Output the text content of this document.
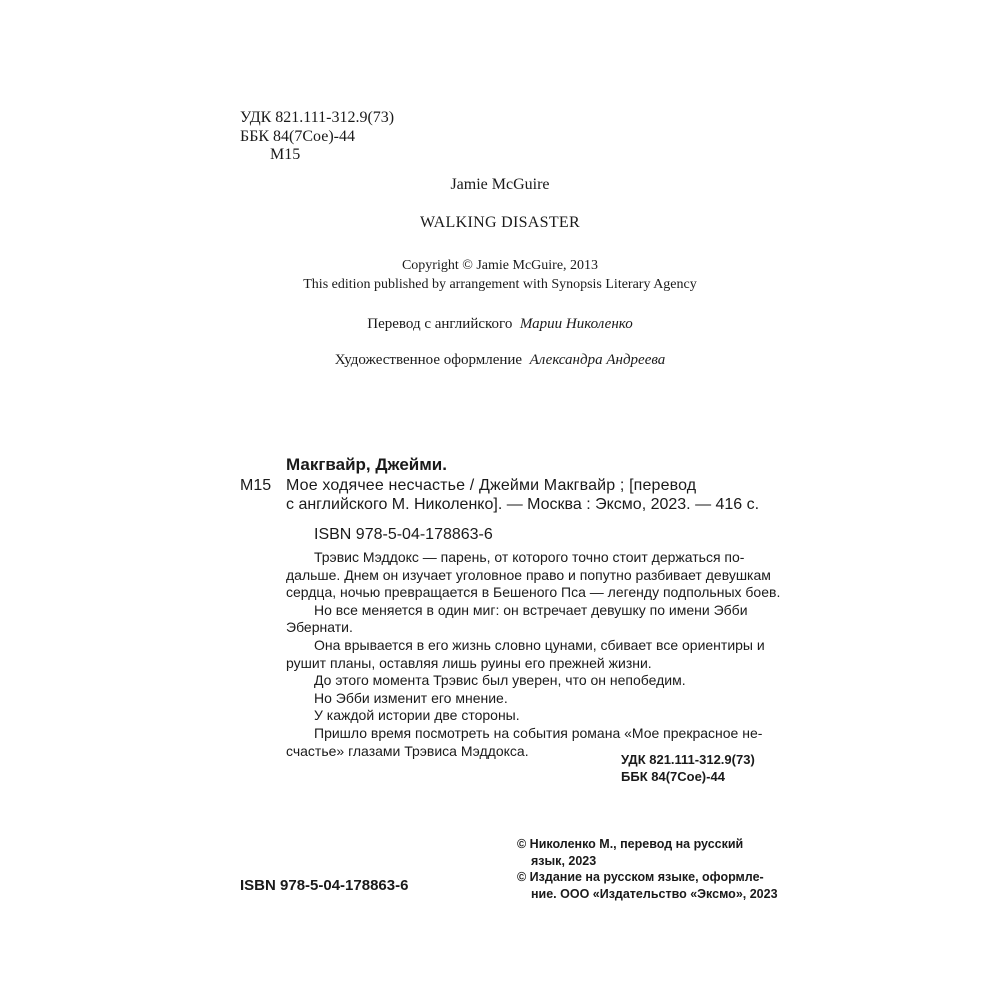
УДК 821.111-312.9(73)
ББК 84(7Сое)-44
М15
Jamie McGuire
WALKING DISASTER
Copyright © Jamie McGuire, 2013
This edition published by arrangement with Synopsis Literary Agency
Перевод с английского Марии Николенко
Художественное оформление Александра Андреева
Макгвайр, Джейми.
М15 Мое ходячее несчастье / Джейми Макгвайр ; [перевод
с английского М. Николенко]. — Москва : Эксмо, 2023. — 416 с.
ISBN 978-5-04-178863-6
Трэвис Мэддокс — парень, от которого точно стоит держаться по-
дальше. Днем он изучает уголовное право и попутно разбивает девушкам
сердца, ночью превращается в Бешеного Пса — легенду подпольных боев.
Но все меняется в один миг: он встречает девушку по имени Эбби
Эбернати.
Она врывается в его жизнь словно цунами, сбивает все ориентиры и
рушит планы, оставляя лишь руины его прежней жизни.
До этого момента Трэвис был уверен, что он непобедим.
Но Эбби изменит его мнение.
У каждой истории две стороны.
Пришло время посмотреть на события романа «Мое прекрасное не-
счастье» глазами Трэвиса Мэддокса.
УДК 821.111-312.9(73)
ББК 84(7Сое)-44
ISBN 978-5-04-178863-6
© Николенко М., перевод на русский
язык, 2023
© Издание на русском языке, оформле-
ние. ООО «Издательство «Эксмо», 2023
